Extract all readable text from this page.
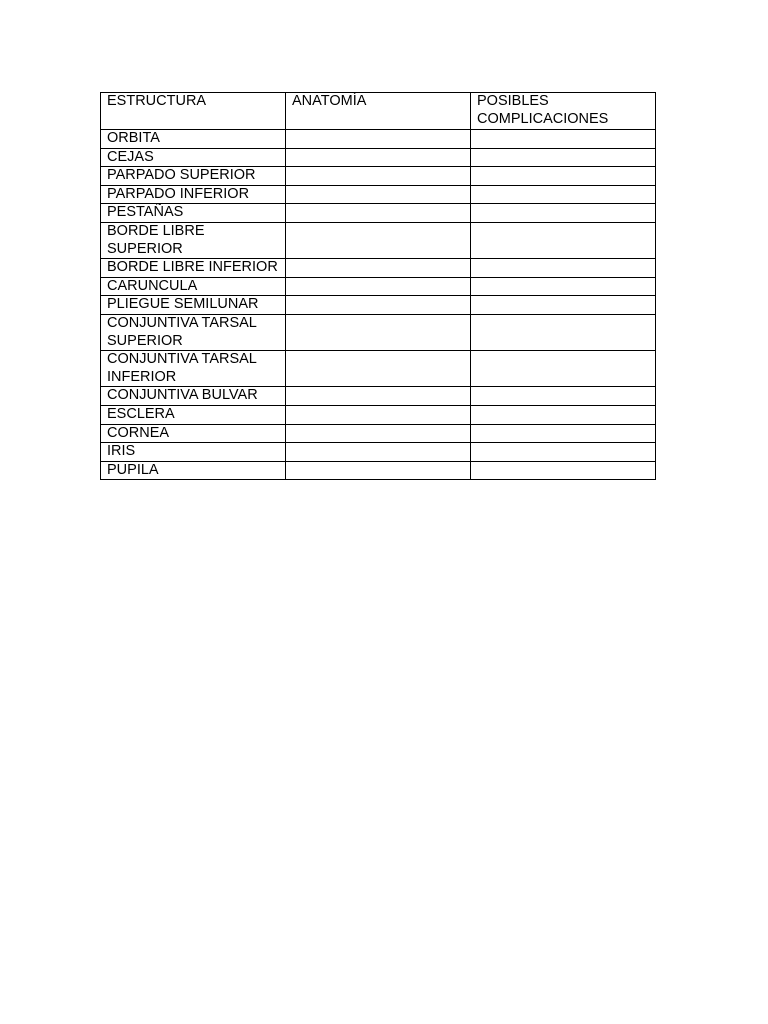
ESTRUCTURA	ANATOMÍA	POSIBLES COMPLICACIONES
ORBITA		
CEJAS		
PARPADO SUPERIOR		
PARPADO INFERIOR		
PESTAÑAS		
BORDE LIBRE SUPERIOR		
BORDE LIBRE INFERIOR		
CARUNCULA		
PLIEGUE SEMILUNAR		
CONJUNTIVA TARSAL SUPERIOR		
CONJUNTIVA TARSAL INFERIOR		
CONJUNTIVA BULVAR		
ESCLERA		
CORNEA		
IRIS		
PUPILA		
